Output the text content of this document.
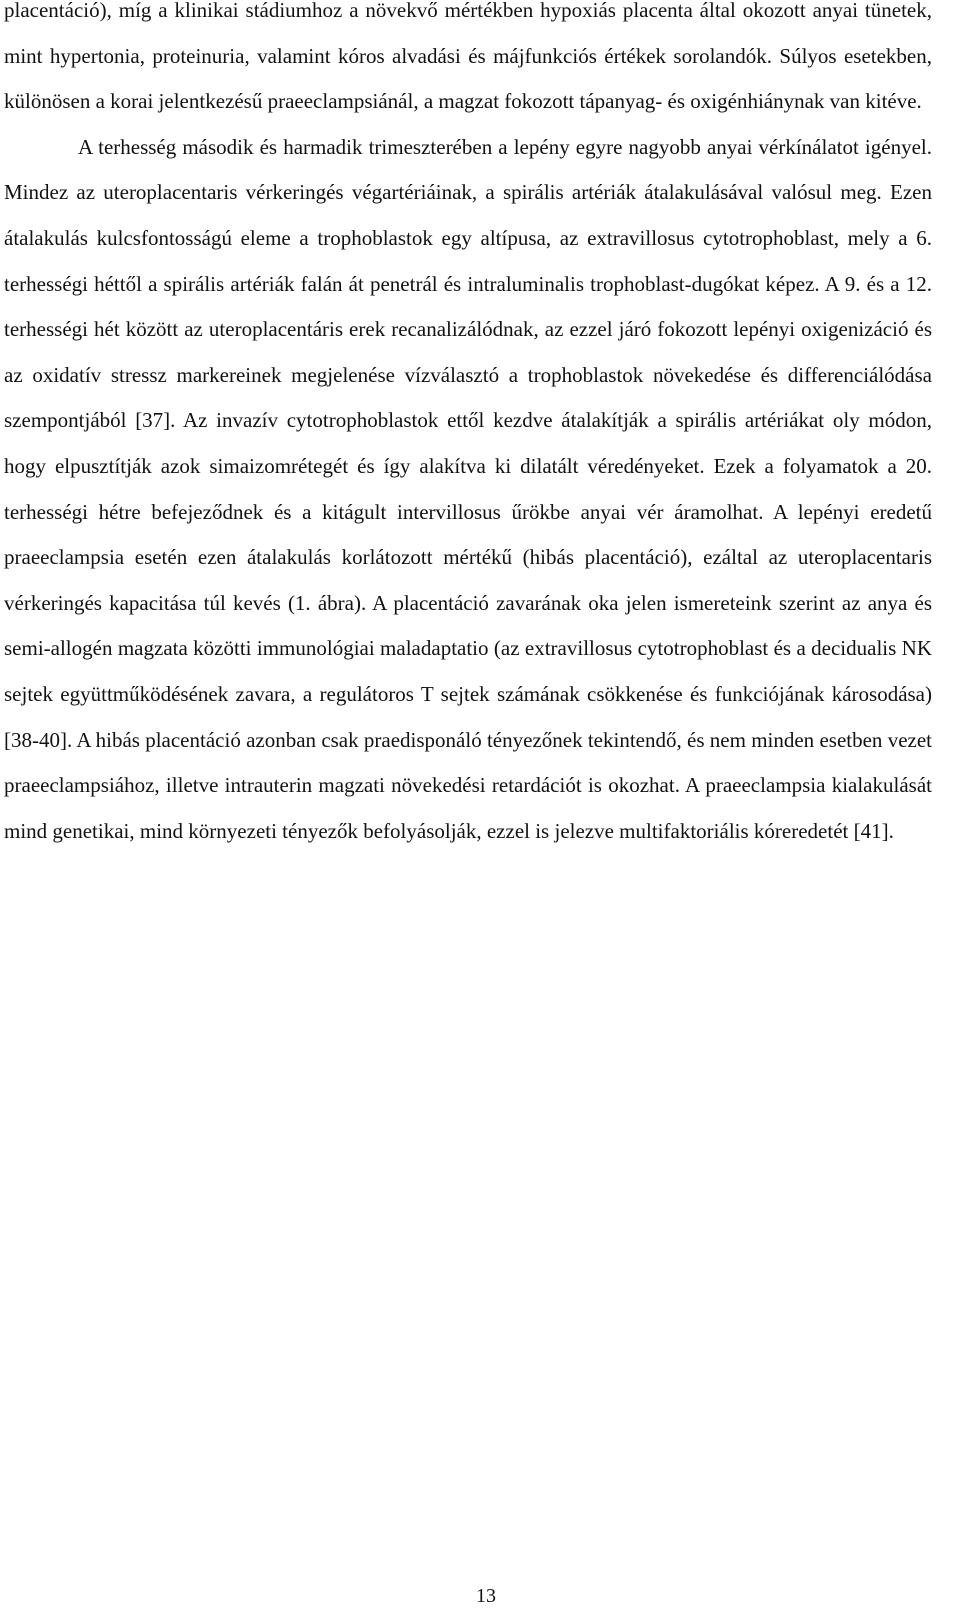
placentáció), míg a klinikai stádiumhoz a növekvő mértékben hypoxiás placenta által okozott anyai tünetek, mint hypertonia, proteinuria, valamint kóros alvadási és májfunkciós értékek sorolandók. Súlyos esetekben, különösen a korai jelentkezésű praeeclampsiánál, a magzat fokozott tápanyag- és oxigénhiánynak van kitéve.

A terhesség második és harmadik trimeszterében a lepény egyre nagyobb anyai vérkínálatot igényel. Mindez az uteroplacentaris vérkeringés végartériáinak, a spirális artériák átalakulásával valósul meg. Ezen átalakulás kulcsfontosságú eleme a trophoblastok egy altípusa, az extravillosus cytotrophoblast, mely a 6. terhességi héttől a spirális artériák falán át penetrál és intraluminalis trophoblast-dugókat képez. A 9. és a 12. terhességi hét között az uteroplacentáris erek recanalizálódnak, az ezzel járó fokozott lepényi oxigenizáció és az oxidatív stressz markereinek megjelenése vízválasztó a trophoblastok növekedése és differenciálódása szempontjából [37]. Az invazív cytotrophoblastok ettől kezdve átalakítják a spirális artériákat oly módon, hogy elpusztítják azok simaizomrétegét és így alakítva ki dilatált véredényeket. Ezek a folyamatok a 20. terhességi hétre befejeződnek és a kitágult intervillosus űrökbe anyai vér áramolhat. A lepényi eredetű praeeclampsia esetén ezen átalakulás korlátozott mértékű (hibás placentáció), ezáltal az uteroplacentaris vérkeringés kapacitása túl kevés (1. ábra). A placentáció zavarának oka jelen ismereteink szerint az anya és semi-allogén magzata közötti immunológiai maladaptatio (az extravillosus cytotrophoblast és a decidualis NK sejtek együttműködésének zavara, a regulátoros T sejtek számának csökkenése és funkciójának károsodása) [38-40]. A hibás placentáció azonban csak praedisponáló tényezőnek tekintendő, és nem minden esetben vezet praeeclampsiához, illetve intrauterin magzati növekedési retardációt is okozhat. A praeeclampsia kialakulását mind genetikai, mind környezeti tényezők befolyásolják, ezzel is jelezve multifaktoriális kóreredetét [41].

13
